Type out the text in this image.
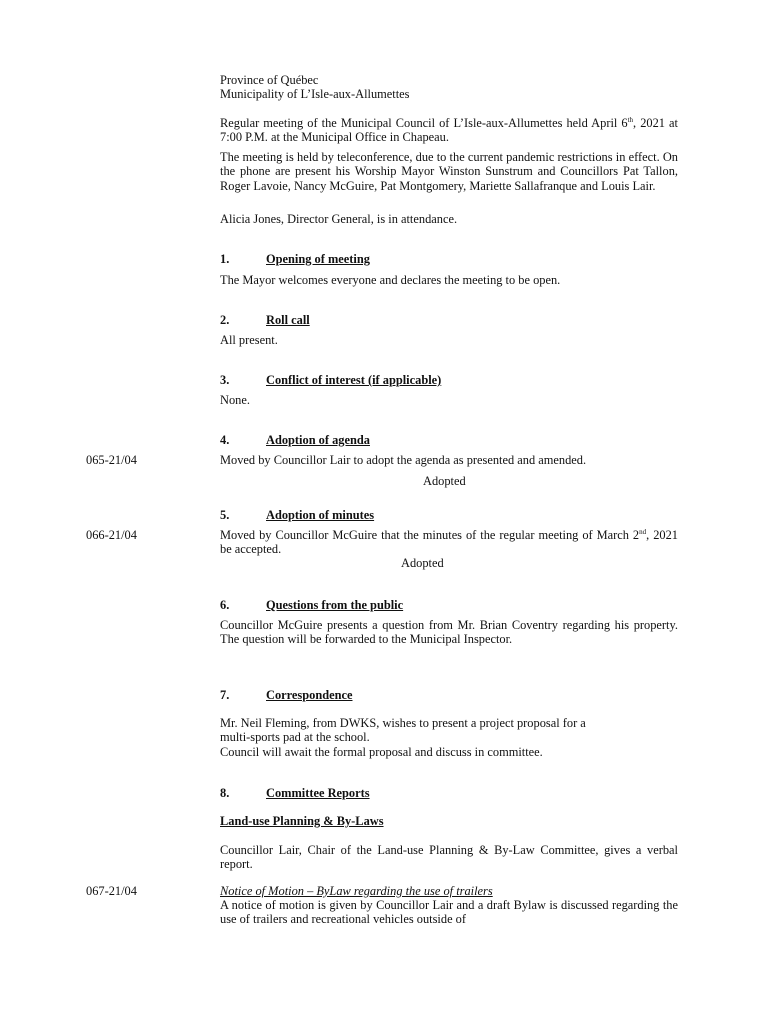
Province of Québec
Municipality of L’Isle-aux-Allumettes
Regular meeting of the Municipal Council of L’Isle-aux-Allumettes held April 6th, 2021 at 7:00 P.M. at the Municipal Office in Chapeau.
The meeting is held by teleconference, due to the current pandemic restrictions in effect. On the phone are present his Worship Mayor Winston Sunstrum and Councillors Pat Tallon, Roger Lavoie, Nancy McGuire, Pat Montgomery, Mariette Sallafranque and Louis Lair.
Alicia Jones, Director General, is in attendance.
1.	Opening of meeting
The Mayor welcomes everyone and declares the meeting to be open.
2.	Roll call
All present.
3.	Conflict of interest (if applicable)
None.
4.	Adoption of agenda
065-21/04	Moved by Councillor Lair to adopt the agenda as presented and amended.
Adopted
5.	Adoption of minutes
066-21/04	Moved by Councillor McGuire that the minutes of the regular meeting of March 2nd, 2021 be accepted.
Adopted
6.	Questions from the public
Councillor McGuire presents a question from Mr. Brian Coventry regarding his property. The question will be forwarded to the Municipal Inspector.
7.	Correspondence
Mr. Neil Fleming, from DWKS, wishes to present a project proposal for a
multi-sports pad at the school.
Council will await the formal proposal and discuss in committee.
8.	Committee Reports
Land-use Planning & By-Laws
Councillor Lair, Chair of the Land-use Planning & By-Law Committee, gives a verbal report.
067-21/04	Notice of Motion – ByLaw regarding the use of trailers
A notice of motion is given by Councillor Lair and a draft Bylaw is discussed regarding the use of trailers and recreational vehicles outside of
